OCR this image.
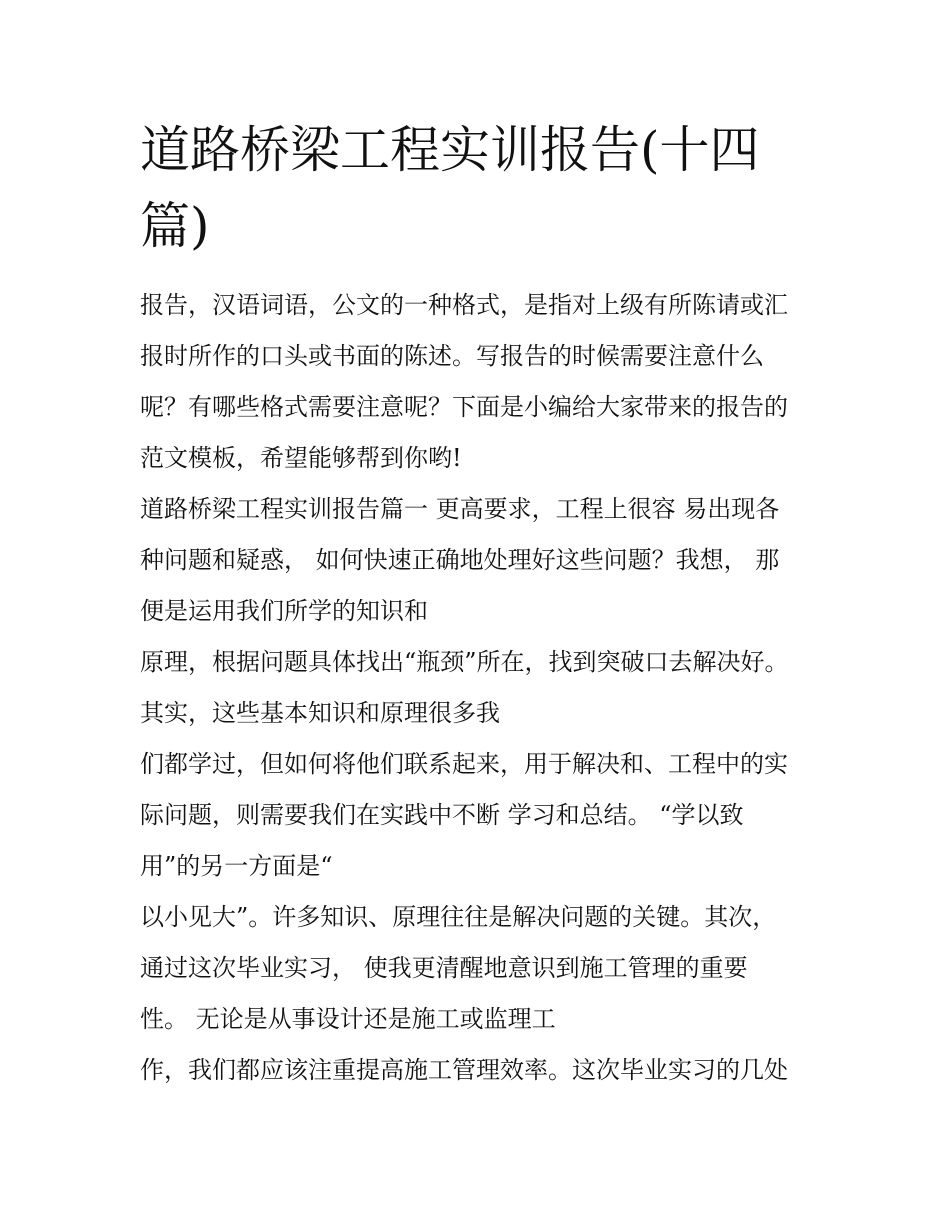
道路桥梁工程实训报告(十四
篇)

报告，汉语词语，公文的一种格式，是指对上级有所陈请或汇

报时所作的口头或书面的陈述。写报告的时候需要注意什么

呢？有哪些格式需要注意呢？下面是小编给大家带来的报告的

范文模板，希望能够帮到你哟!

道路桥梁工程实训报告篇一 更高要求，工程上很容 易出现各

种问题和疑惑， 如何快速正确地处理好这些问题？我想， 那

便是运用我们所学的知识和

原理，根据问题具体找出“瓶颈”所在，找到突破口去解决好。

其实，这些基本知识和原理很多我

们都学过，但如何将他们联系起来，用于解决和、工程中的实

际问题，则需要我们在实践中不断 学习和总结。 “学以致

用”的另一方面是“

以小见大”。许多知识、原理往往是解决问题的关键。其次，

通过这次毕业实习， 使我更清醒地意识到施工管理的重要

性。 无论是从事设计还是施工或监理工

作，我们都应该注重提高施工管理效率。这次毕业实习的几处
